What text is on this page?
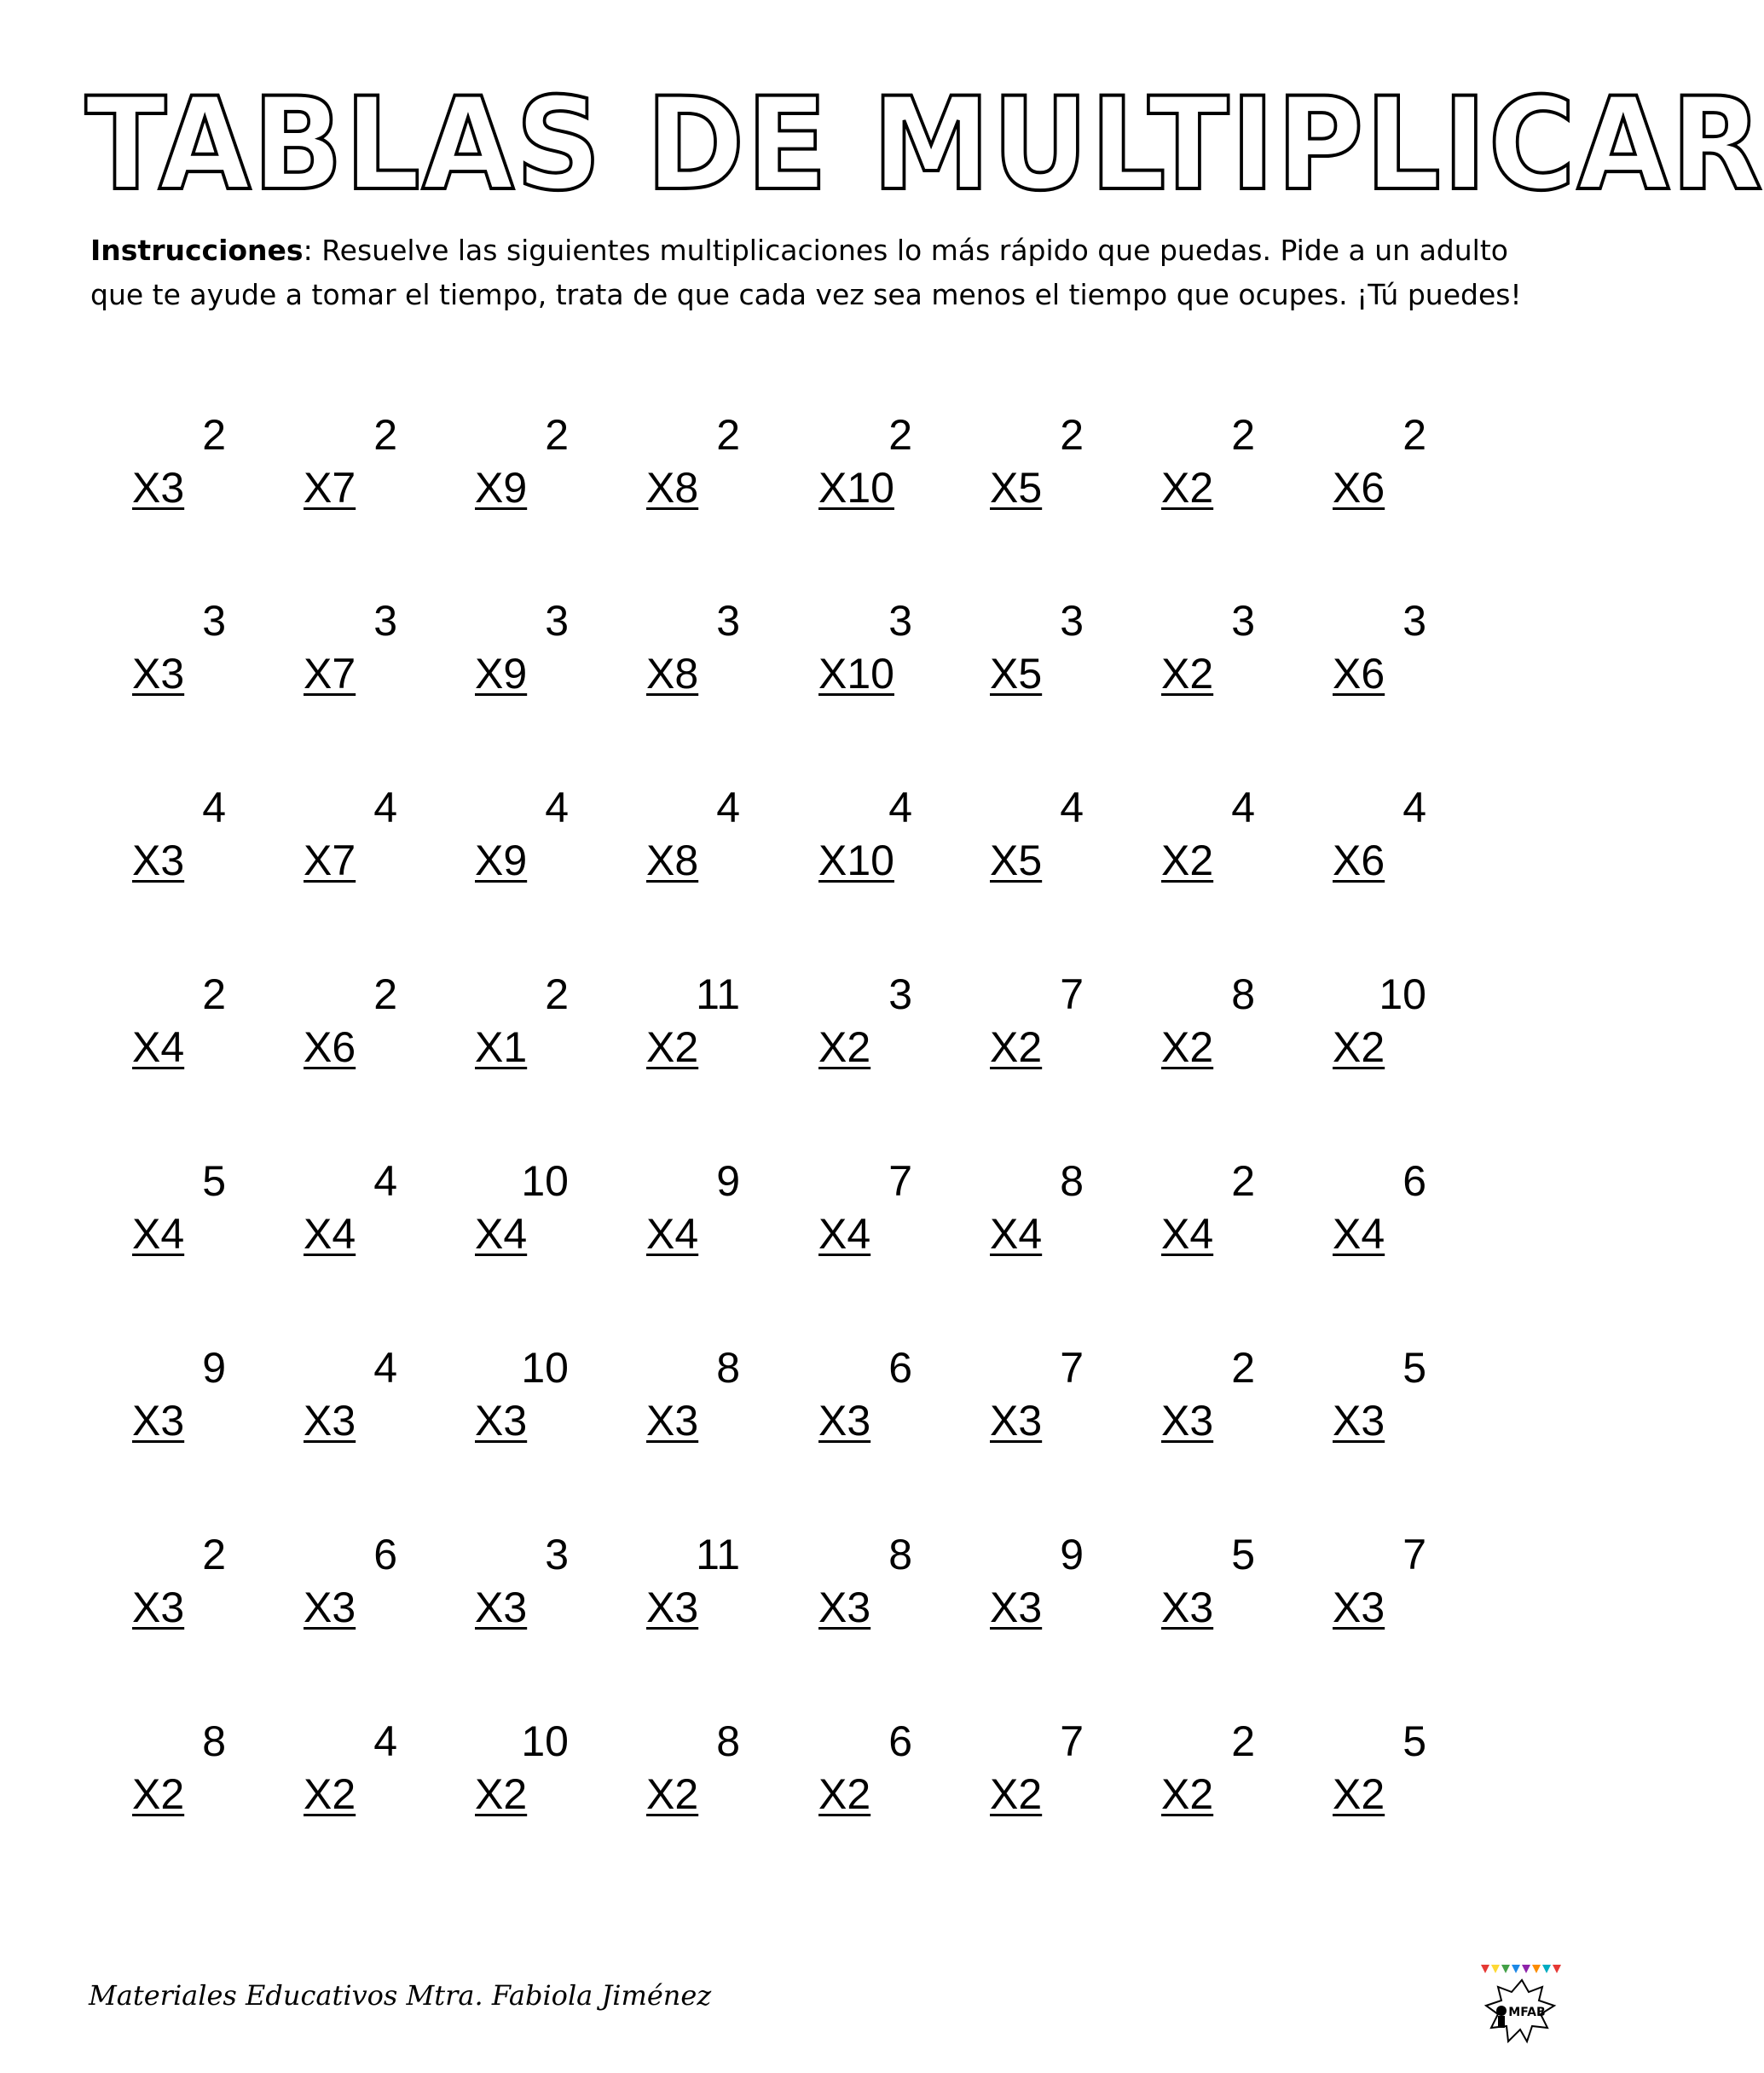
TABLAS DE MULTIPLICAR
Instrucciones: Resuelve las siguientes multiplicaciones lo más rápido que puedas. Pide a un adulto que te ayude a tomar el tiempo, trata de que cada vez sea menos el tiempo que ocupes. ¡Tú puedes!
2
X3
2
X7
2
X9
2
X8
2
X10
2
X5
2
X2
2
X6
3
X3
3
X7
3
X9
3
X8
3
X10
3
X5
3
X2
3
X6
4
X3
4
X7
4
X9
4
X8
4
X10
4
X5
4
X2
4
X6
2
X4
2
X6
2
X1
11
X2
3
X2
7
X2
8
X2
10
X2
5
X4
4
X4
10
X4
9
X4
7
X4
8
X4
2
X4
6
X4
9
X3
4
X3
10
X3
8
X3
6
X3
7
X3
2
X3
5
X3
2
X3
6
X3
3
X3
11
X3
8
X3
9
X3
5
X3
7
X3
8
X2
4
X2
10
X2
8
X2
6
X2
7
X2
2
X2
5
X2
Materiales Educativos Mtra. Fabiola Jiménez
MFAB
